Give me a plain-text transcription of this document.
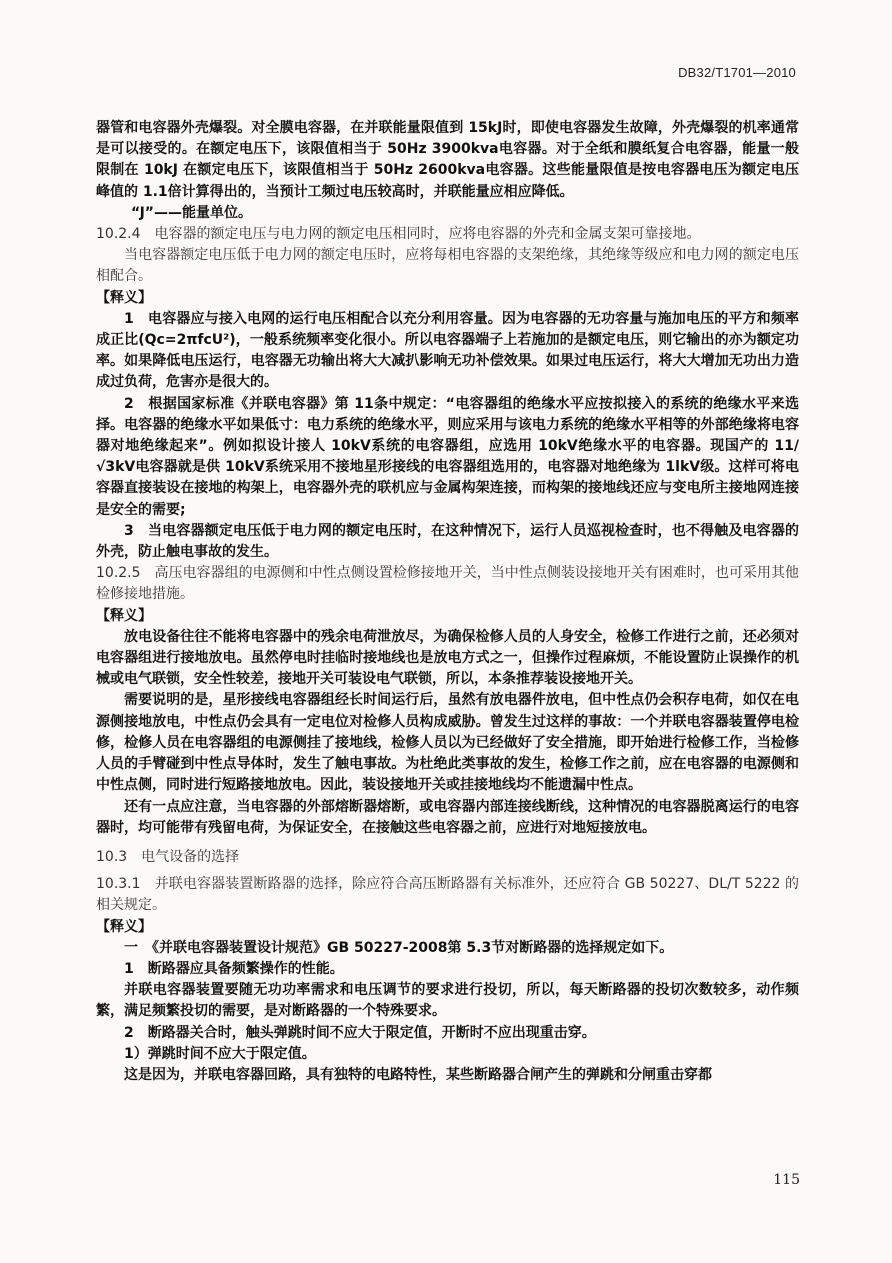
DB32/T1701—2010

器管和电容器外壳爆裂。对全膜电容器，在并联能量限值到 15kJ时，即使电容器发生故障，外壳爆裂的机率通常是可以接受的。在额定电压下，该限值相当于 50Hz 3900kva电容器。对于全纸和膜纸复合电容器，能量一般限制在 10kJ 在额定电压下，该限值相当于 50Hz 2600kva电容器。这些能量限值是按电容器电压为额定电压峰值的 1.1倍计算得出的，当预计工频过电压较高时，并联能量应相应降低。

“J”——能量单位。

10.2.4　电容器的额定电压与电力网的额定电压相同时，应将电容器的外壳和金属支架可靠接地。

当电容器额定电压低于电力网的额定电压时，应将每相电容器的支架绝缘，其绝缘等级应和电力网的额定电压相配合。

【释义】

1　电容器应与接入电网的运行电压相配合以充分利用容量。因为电容器的无功容量与施加电压的平方和频率成正比(Qc=2πfcU²)，一般系统频率变化很小。所以电容器端子上若施加的是额定电压，则它输出的亦为额定功率。如果降低电压运行，电容器无功输出将大大减扒影响无功补偿效果。如果过电压运行，将大大增加无功出力造成过负荷，危害亦是很大的。

2　根据国家标准《并联电容器》第 11条中规定：“电容器组的绝缘水平应按拟接入的系统的绝缘水平来选择。电容器的绝缘水平如果低寸：电力系统的绝缘水平，则应采用与该电力系统的绝缘水平相等的外部绝缘将电容器对地绝缘起来”。例如拟设计接人 10kV系统的电容器组，应选用 10kV绝缘水平的电容器。现国产的 11/ √3kV电容器就是供 10kV系统采用不接地星形接线的电容器组选用的，电容器对地绝缘为 1lkV级。这样可将电容器直接装设在接地的构架上，电容器外壳的联机应与金属构架连接，而构架的接地线还应与变电所主接地网连接是安全的需要;

3　当电容器额定电压低于电力网的额定电压时，在这种情况下，运行人员巡视检查时，也不得触及电容器的外壳，防止触电事故的发生。

10.2.5　高压电容器组的电源侧和中性点侧设置检修接地开关，当中性点侧装设接地开关有困难时，也可采用其他检修接地措施。

【释义】

放电设备往往不能将电容器中的残余电荷泄放尽，为确保检修人员的人身安全，检修工作进行之前，还必须对电容器组进行接地放电。虽然停电时挂临时接地线也是放电方式之一，但操作过程麻烦，不能设置防止误操作的机械或电气联锁，安全性较差，接地开关可装设电气联锁，所以，本条推荐装设接地开关。

需要说明的是，星形接线电容器组经长时间运行后，虽然有放电器件放电，但中性点仍会积存电荷，如仅在电源侧接地放电，中性点仍会具有一定电位对检修人员构成威胁。曾发生过这样的事故：一个并联电容器装置停电检修，检修人员在电容器组的电源侧挂了接地线，检修人员以为已经做好了安全措施，即开始进行检修工作，当检修人员的手臂碰到中性点导体时，发生了触电事故。为杜绝此类事故的发生，检修工作之前，应在电容器的电源侧和中性点侧，同时进行短路接地放电。因此，装设接地开关或挂接地线均不能遗漏中性点。

还有一点应注意，当电容器的外部熔断器熔断，或电容器内部连接线断线，这种情况的电容器脱离运行的电容器时，均可能带有残留电荷，为保证安全，在接触这些电容器之前，应进行对地短接放电。

10.3　电气设备的选择

10.3.1　并联电容器装置断路器的选择，除应符合高压断路器有关标准外，还应符合 GB 50227、DL/T 5222 的相关规定。

【释义】

一　《并联电容器装置设计规范》GB 50227-2008第 5.3节对断路器的选择规定如下。

1　断路器应具备频繁操作的性能。

并联电容器装置要随无功功率需求和电压调节的要求进行投切，所以，每天断路器的投切次数较多，动作频繁，满足频繁投切的需要，是对断路器的一个特殊要求。

2　断路器关合时，触头弹跳时间不应大于限定值，开断时不应出现重击穿。

1）弹跳时间不应大于限定值。

这是因为，并联电容器回路，具有独特的电路特性，某些断路器合闸产生的弹跳和分闸重击穿都

115
